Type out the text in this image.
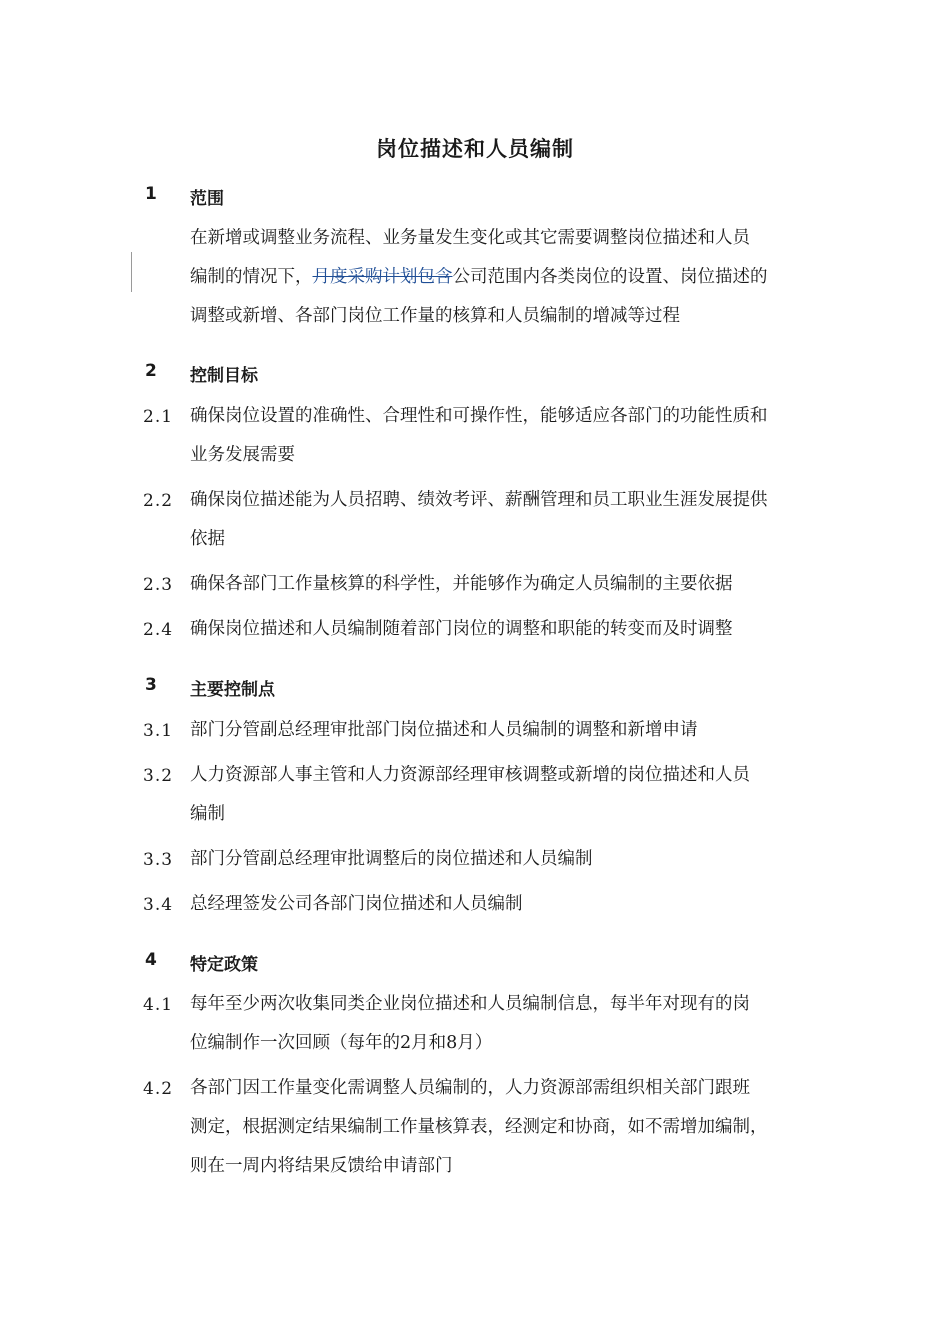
岗位描述和人员编制
1 范围
在新增或调整业务流程、业务量发生变化或其它需要调整岗位描述和人员
编制的情况下，月度采购计划包含公司范围内各类岗位的设置、岗位描述的
调整或新增、各部门岗位工作量的核算和人员编制的增减等过程
2 控制目标
2.1 确保岗位设置的准确性、合理性和可操作性，能够适应各部门的功能性质和
业务发展需要
2.2 确保岗位描述能为人员招聘、绩效考评、薪酬管理和员工职业生涯发展提供
依据
2.3 确保各部门工作量核算的科学性，并能够作为确定人员编制的主要依据
2.4 确保岗位描述和人员编制随着部门岗位的调整和职能的转变而及时调整
3 主要控制点
3.1 部门分管副总经理审批部门岗位描述和人员编制的调整和新增申请
3.2 人力资源部人事主管和人力资源部经理审核调整或新增的岗位描述和人员
编制
3.3 部门分管副总经理审批调整后的岗位描述和人员编制
3.4 总经理签发公司各部门岗位描述和人员编制
4 特定政策
4.1 每年至少两次收集同类企业岗位描述和人员编制信息，每半年对现有的岗
位编制作一次回顾（每年的2月和8月）
4.2 各部门因工作量变化需调整人员编制的，人力资源部需组织相关部门跟班
测定，根据测定结果编制工作量核算表，经测定和协商，如不需增加编制，
则在一周内将结果反馈给申请部门
